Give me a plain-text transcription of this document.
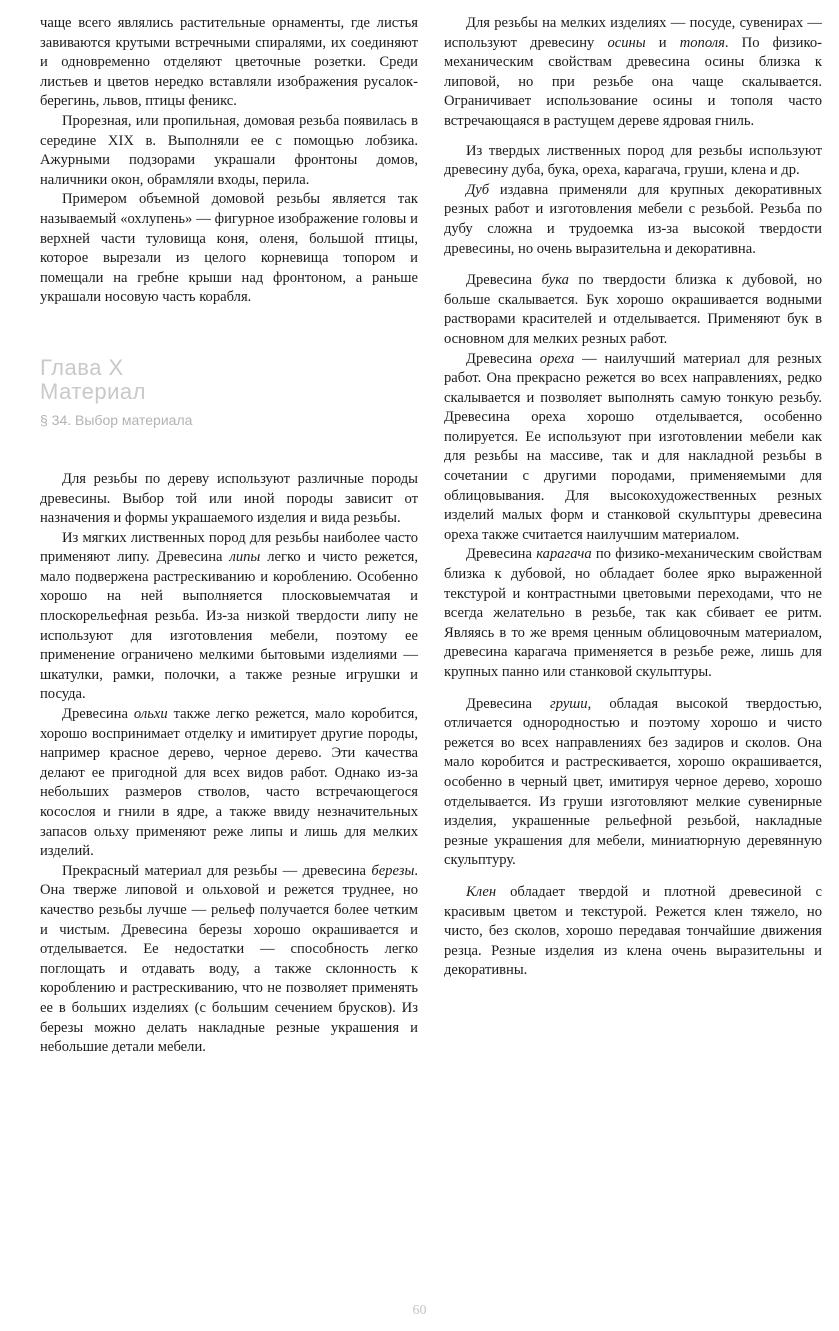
чаще всего являлись растительные орнаменты, где листья завиваются крутыми встречными спиралями, их соединяют и одновременно отделяют цветочные розетки. Среди листьев и цветов нередко вставляли изображения русалок-берегинь, львов, птицы феникс.

Прорезная, или пропильная, домовая резьба появилась в середине XIX в. Выполняли ее с помощью лобзика. Ажурными подзорами украшали фронтоны домов, наличники окон, обрамляли входы, перила.

Примером объемной домовой резьбы является так называемый «охлупень» — фигурное изображение головы и верхней части туловища коня, оленя, большой птицы, которое вырезали из целого корневища топором и помещали на гребне крыши над фронтоном, а раньше украшали носовую часть корабля.

Глава X
Материал
§ 34. Выбор материала

Для резьбы по дереву используют различные породы древесины. Выбор той или иной породы зависит от назначения и формы украшаемого изделия и вида резьбы.

Из мягких лиственных пород для резьбы наиболее часто применяют липу. Древесина липы легко и чисто режется, мало подвержена растрескиванию и короблению. Особенно хорошо на ней выполняется плосковыемчатая и плоскорельефная резьба. Из-за низкой твердости липу не используют для изготовления мебели, поэтому ее применение ограничено мелкими бытовыми изделиями — шкатулки, рамки, полочки, а также резные игрушки и посуда.

Древесина ольхи также легко режется, мало коробится, хорошо воспринимает отделку и имитирует другие породы, например красное дерево, черное дерево. Эти качества делают ее пригодной для всех видов работ. Однако из-за небольших размеров стволов, часто встречающегося косослоя и гнили в ядре, а также ввиду незначительных запасов ольху применяют реже липы и лишь для мелких изделий.

Прекрасный материал для резьбы — древесина березы. Она тверже липовой и ольховой и режется труднее, но качество резьбы лучше — рельеф получается более четким и чистым. Древесина березы хорошо окрашивается и отделывается. Ее недостатки — способность легко поглощать и отдавать воду, а также склонность к короблению и растрескиванию, что не позволяет применять ее в больших изделиях (с большим сечением брусков). Из березы можно делать накладные резные украшения и небольшие детали мебели.

Для резьбы на мелких изделиях — посуде, сувенирах — используют древесину осины и тополя. По физико-механическим свойствам древесина осины близка к липовой, но при резьбе она чаще скалывается. Ограничивает использование осины и тополя часто встречающаяся в растущем дереве ядровая гниль.

Из твердых лиственных пород для резьбы используют древесину дуба, бука, ореха, карагача, груши, клена и др.

Дуб издавна применяли для крупных декоративных резных работ и изготовления мебели с резьбой. Резьба по дубу сложна и трудоемка из-за высокой твердости древесины, но очень выразительна и декоративна.

Древесина бука по твердости близка к дубовой, но больше скалывается. Бук хорошо окрашивается водными растворами красителей и отделывается. Применяют бук в основном для мелких резных работ.

Древесина ореха — наилучший материал для резных работ. Она прекрасно режется во всех направлениях, редко скалывается и позволяет выполнять самую тонкую резьбу. Древесина ореха хорошо отделывается, особенно полируется. Ее используют при изготовлении мебели как для резьбы на массиве, так и для накладной резьбы в сочетании с другими породами, применяемыми для облицовывания. Для высокохудожественных резных изделий малых форм и станковой скульптуры древесина ореха также считается наилучшим материалом.

Древесина карагача по физико-механическим свойствам близка к дубовой, но обладает более ярко выраженной текстурой и контрастными цветовыми переходами, что не всегда желательно в резьбе, так как сбивает ее ритм. Являясь в то же время ценным облицовочным материалом, древесина карагача применяется в резьбе реже, лишь для крупных панно или станковой скульптуры.

Древесина груши, обладая высокой твердостью, отличается однородностью и поэтому хорошо и чисто режется во всех направлениях без задиров и сколов. Она мало коробится и растрескивается, хорошо окрашивается, особенно в черный цвет, имитируя черное дерево, хорошо отделывается. Из груши изготовляют мелкие сувенирные изделия, украшенные рельефной резьбой, накладные резные украшения для мебели, миниатюрную деревянную скульптуру.

Клен обладает твердой и плотной древесиной с красивым цветом и текстурой. Режется клен тяжело, но чисто, без сколов, хорошо передавая тончайшие движения резца. Резные изделия из клена очень выразительны и декоративны.

60
